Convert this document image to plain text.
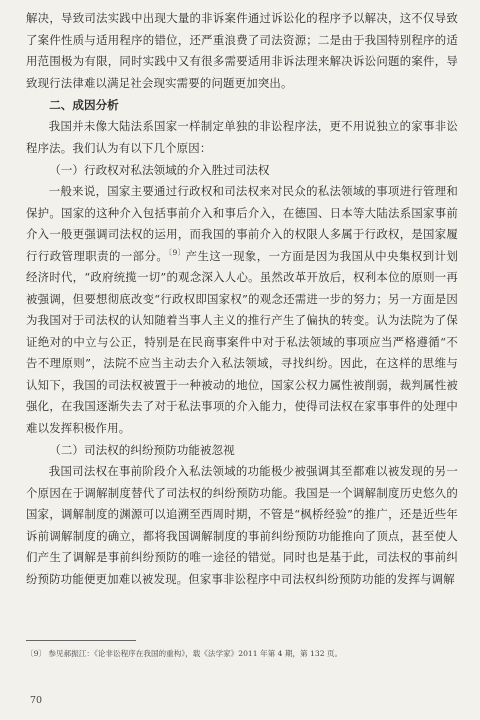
解决，导致司法实践中出现大量的非诉案件通过诉讼化的程序予以解决，这不仅导致了案件性质与适用程序的错位，还严重浪费了司法资源；二是由于我国特别程序的适用范围极为有限，同时实践中又有很多需要适用非诉法理来解决诉讼问题的案件，导致现行法律难以满足社会现实需要的问题更加突出。

二、成因分析

我国并未像大陆法系国家一样制定单独的非讼程序法，更不用说独立的家事非讼程序法。我们认为有以下几个原因：

（一）行政权对私法领域的介入胜过司法权

一般来说，国家主要通过行政权和司法权来对民众的私法领域的事项进行管理和保护。国家的这种介入包括事前介入和事后介入，在德国、日本等大陆法系国家事前介入一般更强调司法权的运用，而我国的事前介入的权限人多属于行政权，是国家履行行政管理职责的一部分。$^{〔9〕}$产生这一现象，一方面是因为我国从中央集权到计划经济时代，“政府统揽一切”的观念深入人心。虽然改革开放后，权利本位的原则一再被强调，但要想彻底改变“行政权即国家权”的观念还需进一步的努力；另一方面是因为我国对于司法权的认知随着当事人主义的推行产生了偏执的转变。认为法院为了保证绝对的中立与公正，特别是在民商事案件中对于私法领域的事项应当严格遵循“不告不理原则”，法院不应当主动去介入私法领域，寻找纠纷。因此，在这样的思维与认知下，我国的司法权被置于一种被动的地位，国家公权力属性被削弱，裁判属性被强化，在我国逐渐失去了对于私法事项的介入能力，使得司法权在家事事件的处理中难以发挥积极作用。

（二）司法权的纠纷预防功能被忽视

我国司法权在事前阶段介入私法领域的功能极少被强调其至都难以被发现的另一个原因在于调解制度替代了司法权的纠纷预防功能。我国是一个调解制度历史悠久的国家，调解制度的渊源可以追溯至西周时期，不管是“枫桥经验”的推广，还是近些年诉前调解制度的确立，都将我国调解制度的事前纠纷预防功能推向了顶点，甚至使人们产生了调解是事前纠纷预防的唯一途径的错觉。同时也是基于此，司法权的事前纠纷预防功能便更加难以被发现。但家事非讼程序中司法权纠纷预防功能的发挥与调解

〔9〕 参见郝振江：《论非讼程序在我国的重构》，载《法学家》2011 年第 4 期，第 132 页。

70
